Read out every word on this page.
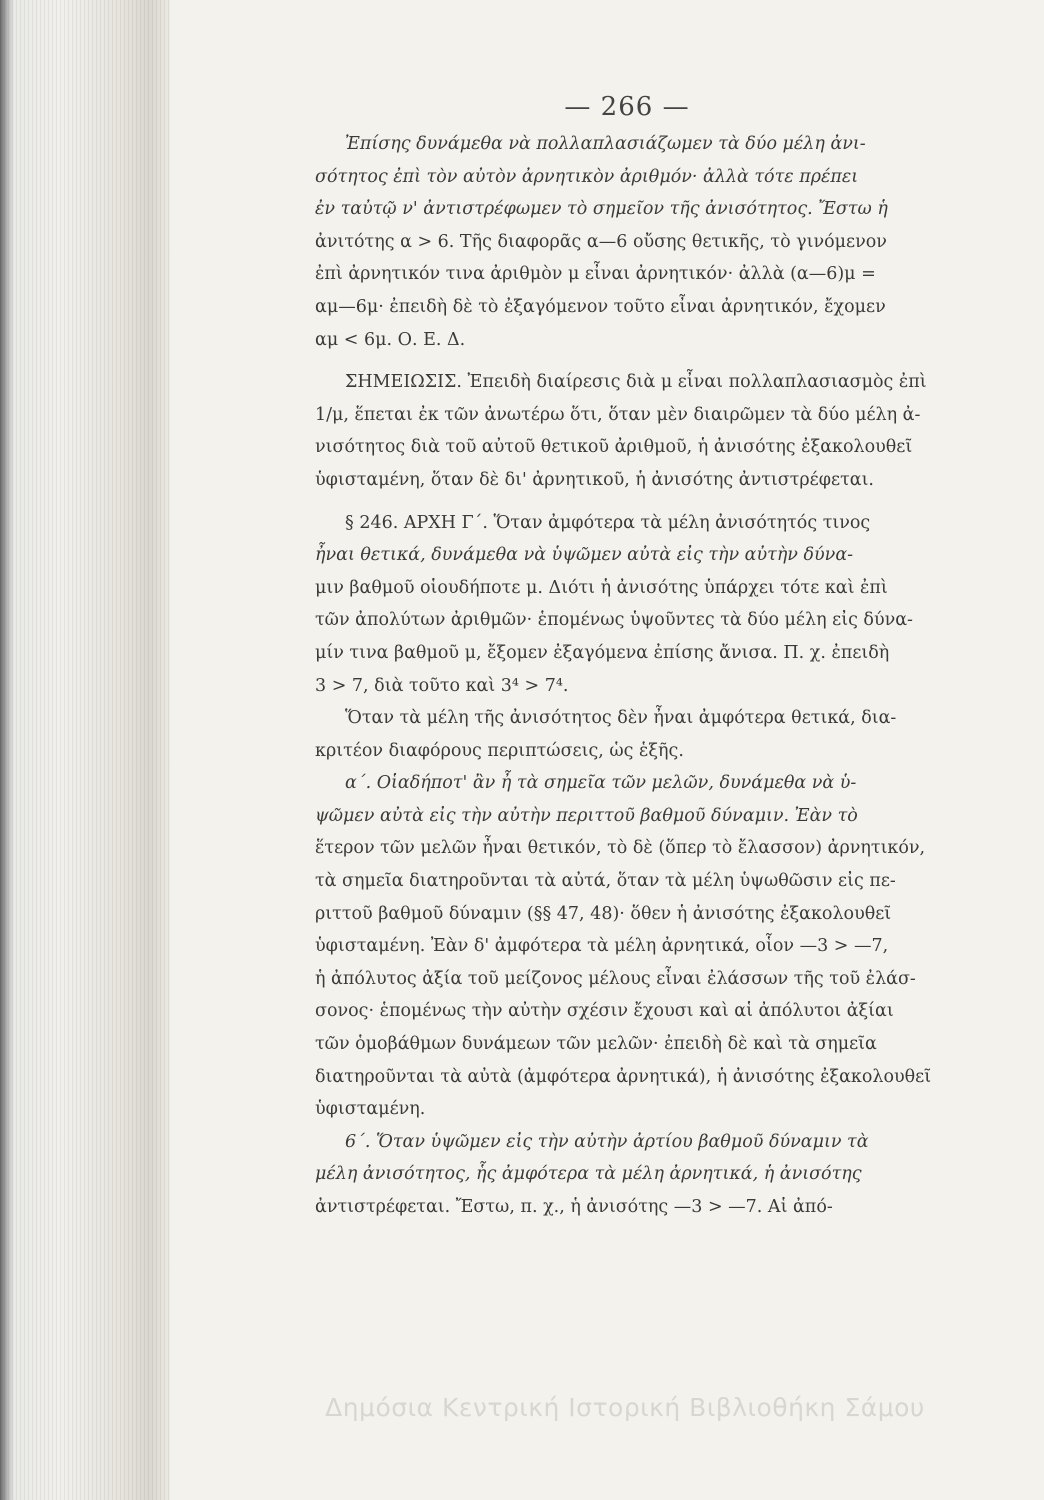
— 266 —
Ἐπίσης δυνάμεθα νὰ πολλαπλασιάζωμεν τὰ δύο μέλη ἀνι-
σότητος ἐπὶ τὸν αὐτὸν ἀρνητικὸν ἀριθμόν· ἀλλὰ τότε πρέπει
ἐν ταὐτῷ ν' ἀντιστρέφωμεν τὸ σημεῖον τῆς ἀνισότητος. Ἔστω ἡ
ἀνιτότης α > 6. Τῆς διαφορᾶς α—6 οὔσης θετικῆς, τὸ γινόμενον
ἐπὶ ἀρνητικόν τινα ἀριθμὸν μ εἶναι ἀρνητικόν· ἀλλὰ (α—6)μ =
αμ—6μ· ἐπειδὴ δὲ τὸ ἐξαγόμενον τοῦτο εἶναι ἀρνητικόν, ἔχομεν
αμ < 6μ. Ο. Ε. Δ.
ΣΗΜΕΙΩΣΙΣ. Ἐπειδὴ διαίρεσις διὰ μ εἶναι πολλαπλασιασμὸς ἐπὶ
1/μ, ἕπεται ἐκ τῶν ἀνωτέρω ὅτι, ὅταν μὲν διαιρῶμεν τὰ δύο μέλη ἀ-
νισότητος διὰ τοῦ αὐτοῦ θετικοῦ ἀριθμοῦ, ἡ ἀνισότης ἐξακολουθεῖ
ὑφισταμένη, ὅταν δὲ δι' ἀρνητικοῦ, ἡ ἀνισότης ἀντιστρέφεται.
§ 246. ΑΡΧΗ Γ΄. Ὅταν ἀμφότερα τὰ μέλη ἀνισότητός τινος
ἦναι θετικά, δυνάμεθα νὰ ὑψῶμεν αὐτὰ εἰς τὴν αὐτὴν δύνα-
μιν βαθμοῦ οἱουδήποτε μ. Διότι ἡ ἀνισότης ὑπάρχει τότε καὶ ἐπὶ
τῶν ἀπολύτων ἀριθμῶν· ἑπομένως ὑψοῦντες τὰ δύο μέλη εἰς δύνα-
μίν τινα βαθμοῦ μ, ἔξομεν ἐξαγόμενα ἐπίσης ἄνισα. Π. χ. ἐπειδὴ
3 > 7, διὰ τοῦτο καὶ 3⁴ > 7⁴.
Ὅταν τὰ μέλη τῆς ἀνισότητος δὲν ἦναι ἀμφότερα θετικά, δια-
κριτέον διαφόρους περιπτώσεις, ὡς ἑξῆς.
α΄. Οἱαδήποτ' ἂν ἦ τὰ σημεῖα τῶν μελῶν, δυνάμεθα νὰ ὑ-
ψῶμεν αὐτὰ εἰς τὴν αὐτὴν περιττοῦ βαθμοῦ δύναμιν. Ἐὰν τὸ
ἕτερον τῶν μελῶν ἦναι θετικόν, τὸ δὲ (ὅπερ τὸ ἔλασσον) ἀρνητικόν,
τὰ σημεῖα διατηροῦνται τὰ αὐτά, ὅταν τὰ μέλη ὑψωθῶσιν εἰς πε-
ριττοῦ βαθμοῦ δύναμιν (§§ 47, 48)· ὅθεν ἡ ἀνισότης ἐξακολουθεῖ
ὑφισταμένη. Ἐὰν δ' ἀμφότερα τὰ μέλη ἀρνητικά, οἷον —3 > —7,
ἡ ἀπόλυτος ἀξία τοῦ μείζονος μέλους εἶναι ἐλάσσων τῆς τοῦ ἐλάσ-
σονος· ἑπομένως τὴν αὐτὴν σχέσιν ἔχουσι καὶ αἱ ἀπόλυτοι ἀξίαι
τῶν ὁμοβάθμων δυνάμεων τῶν μελῶν· ἐπειδὴ δὲ καὶ τὰ σημεῖα
διατηροῦνται τὰ αὐτὰ (ἀμφότερα ἀρνητικά), ἡ ἀνισότης ἐξακολουθεῖ
ὑφισταμένη.
6΄. Ὅταν ὑψῶμεν εἰς τὴν αὐτὴν ἀρτίου βαθμοῦ δύναμιν τὰ
μέλη ἀνισότητος, ἧς ἀμφότερα τὰ μέλη ἀρνητικά, ἡ ἀνισότης
ἀντιστρέφεται. Ἔστω, π. χ., ἡ ἀνισότης —3 > —7. Αἱ ἀπό-
Δημόσια Κεντρική Ιστορική Βιβλιοθήκη Σάμου
